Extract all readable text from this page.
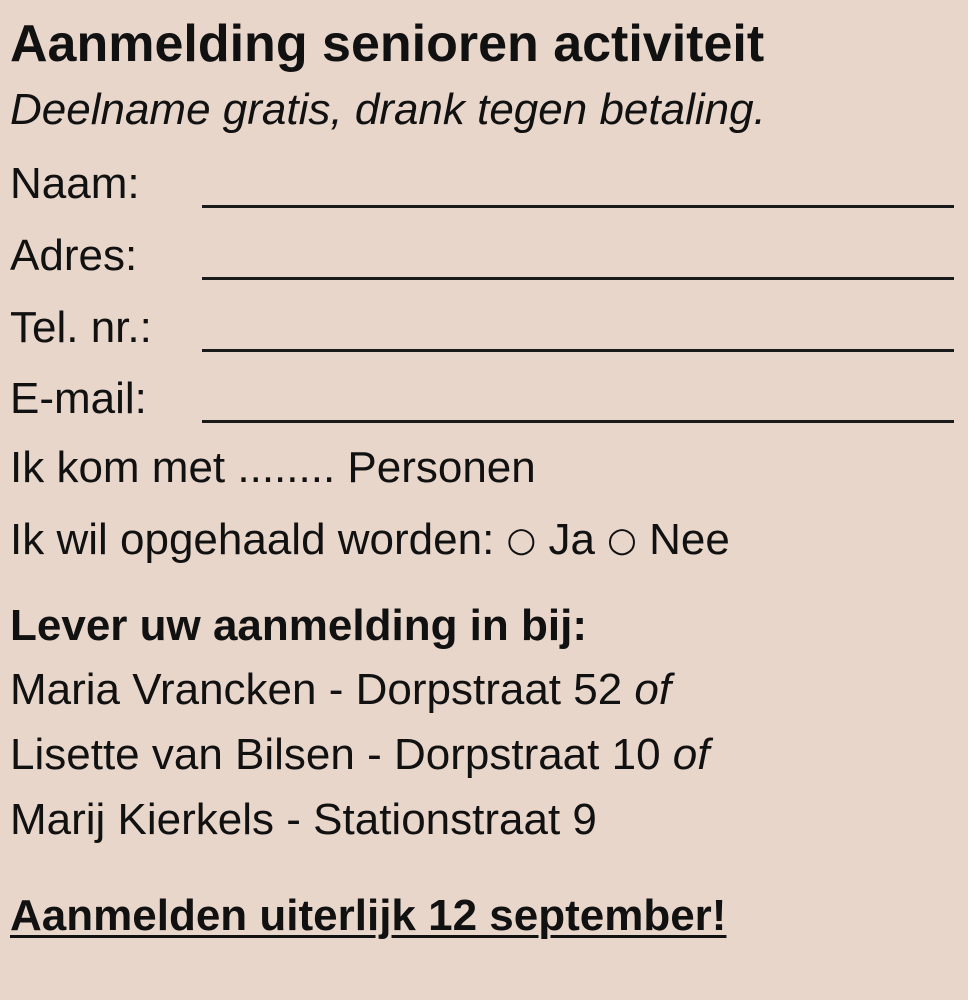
Aanmelding senioren activiteit

Deelname gratis, drank tegen betaling.

Naam:
Adres:
Tel. nr.:
E-mail:

Ik kom met ........ Personen

Ik wil opgehaald worden: ○ Ja ○ Nee

Lever uw aanmelding in bij:

Maria Vrancken - Dorpstraat 52 of

Lisette van Bilsen - Dorpstraat 10 of

Marij Kierkels - Stationstraat 9

Aanmelden uiterlijk 12 september!
